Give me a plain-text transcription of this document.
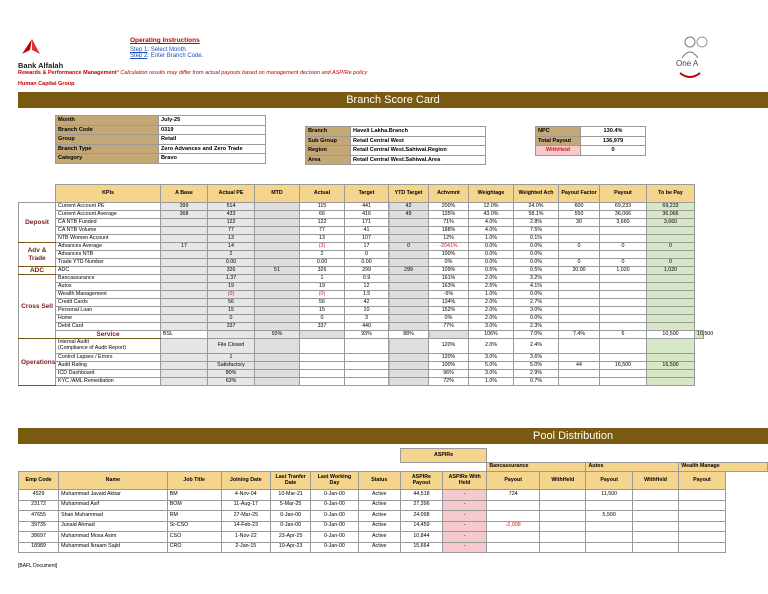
Bank Alfalah
Operating Instructions
Step 1: Select Month.
Step 2: Enter Branch Code.
Rewards & Performance Management* Calculation results may differ from actual payouts based on management decision and ASPIRe policy
Human Capital Group
One A
Branch Score Card
Month	July-25
Branch Code	0319
Group	Retail
Branch Type	Zero Advances and Zero Trade
Category	Bravo
Branch	Haveli Lakha.Branch
Sub Group	Retail Central West
Region	Retail Central West.Sahiwal.Region
Area	Retail Central West.Sahiwal.Area
NPC	130.4%
Total Payout	136,979
WithHeld	0
	KPIs	A Base	Actual PE	MTD	Actual	Target	YTD Target	Achvmnt	Weightage	Weighted Ach	Payout Factor	Payout	To be Pay	
Deposit	Current Account PE	399	514		115	441	42	200%	12.0%	24.0%	600	69,233	69,233	
	Current Account Average	368	433		66	416	49	135%	43.0%	58.1%	550	36,066	36,066	
	CA NTB Funded		122		122	171		71%	4.0%	2.8%	30	3,660	3,660	
	CA NTB Volume		77		77	41		188%	4.0%	7.5%				
	NTB Women Account		13		13	107		12%	1.0%	0.1%				
Adv & Trade	Advances Average	17	14		(3)	17	0	-2041%	0.0%	0.0%	0	0	0	
	Advances NTB		2		2	0		100%	0.0%	0.0%				
	Trade YTD Number		0.00		0.00	0.00		0%	0.0%	0.0%	0	0	0	
ADC	ADC		326	51	326	299	299	109%	0.5%	0.5%	20.00	1,020	1,020	
Cross Sell	Bancassurance		1.37		1	0.9		161%	2.0%	3.2%				
	Autos		19		19	12		163%	2.5%	4.1%				
	Wealth Management		(0)		(0)	1.5		-5%	1.0%	0.0%				
	Credit Cards		56		56	42		134%	2.0%	2.7%				
	Personal Loan		15		15	10		152%	2.0%	3.0%				
	Home		0		0	3		0%	2.0%	0.0%				
	Debit Card		337		337	440		77%	3.0%	2.3%				
	Service	BSL		93%		93%	88%		106%	7.0%	7.4%	6	10,500	10,500
Operations	Internal Audit
(Compliance of Audit Report)		File Closed					120%	2.0%	2.4%				
	Control Lapses / Errors		1					120%	3.0%	3.6%				
	Audit Rating		Satisfactory					100%	5.0%	5.0%	44	16,500	16,500	
	ICD Dashboard		80%					96%	3.0%	2.9%				
	KYC /AML Remediation		63%					72%	1.0%	0.7%				
Pool Distribution
							ASPIRe							
									Bancassurance		Autos		Wealth Manage	
Emp Code	Name	Job Title	Joining Date	Last Tranfer Date	Last Working Day	Status	ASPIRe Payout	ASPIRe With Held	Payout	WithHeld	Payout	WithHeld	Payout	
4529	Muhammad Javaid Akbar	BM	4-Nov-04	10-Mar-21	0-Jan-00	Active	44,518	-	724		11,500			
23172	Muhammad Asif	BOM	11-Aug-17	5-Mar-25	0-Jan-00	Active	27,396	-						
47655	Shan Muhammad	RM	27-Mar-25	0-Jan-00	0-Jan-00	Active	24,098	-			5,500			
39735	Junaid Ahmad	Sr-CSO	14-Feb-23	0-Jan-00	0-Jan-00	Active	14,459	-	-2,008					
38697	Muhammad Mosa Asim	CSO	1-Nov-22	23-Apr-25	0-Jan-00	Active	10,844	-						
18989	Muhammad Ikraam Sajid	CRO	2-Jan-15	10-Apr-23	0-Jan-00	Active	15,664	-						
[BAFL Document]
